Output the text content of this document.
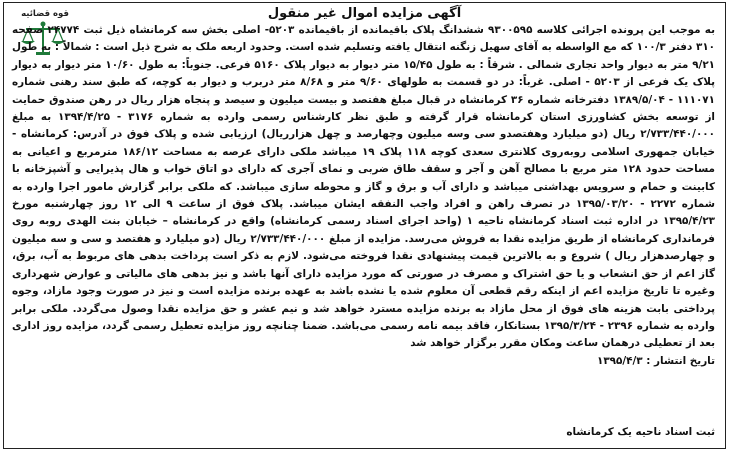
قوه قضائیه	آگهی مزایده اموال غیر منقول

به موجب این پرونده اجرائی کلاسه ۹۳۰۰۵۹۵ ششدانگ پلاک باقیمانده از باقیمانده ۵۲۰۳- اصلی بخش سه کرمانشاه ذیل ثبت ۲۴۷۷۴ صفحه ۳۱۰ دفتر ۱۰۰/۳ که مع الواسطه به آقای سهیل زنگنه انتقال یافته وتسلیم شده است. وحدود اربعه ملک به شرح ذیل است : شمالاً : به طول ۹/۲۱ متر به دیوار واحد تجاری شمالی . شرقاً : به طول ۱۵/۴۵ متر دیوار به دیوار پلاک ۵۱۶۰ فرعی. جنوباً: به طول ۱۰/۶۰ متر دیوار به دیوار پلاک یک فرعی از ۵۲۰۳ - اصلی. غرباً: در دو قسمت به طولهای ۹/۶۰ متر و ۸/۶۸ متر دربرب و دیوار به کوچه، که طبق سند رهنی شماره ۱۱۱۰۷۱ - ۱۳۸۹/۵/۰۴ دفترخانه شماره ۳۶ کرمانشاه در قبال مبلغ هفتصد و بیست میلیون و سیصد و پنجاه هزار ریال در رهن صندوق حمایت از توسعه بخش کشاورزی استان کرمانشاه قرار گرفته و طبق نظر کارشناس رسمی وارده به شماره ۳۱۷۶ - ۱۳۹۴/۴/۲۵ به مبلغ ۲/۷۳۳/۴۴۰/۰۰۰ ریال (دو میلیارد وهفتصدو سی وسه میلیون وچهارصد و چهل هزارریال) ارزیابی شده و پلاک فوق در آدرس: کرمانشاه - خیابان جمهوری اسلامی روبه‌روی کلانتری سعدی کوچه ۱۱۸ پلاک ۱۹ میباشد ملکی دارای عرصه به مساحت ۱۸۶/۱۲ مترمربع و اعیانی به مساحت حدود ۱۲۸ متر مربع با مصالح آهن و آجر و سقف طاق ضربی و نمای آجری که دارای دو اتاق خواب و هال پذیرایی و آشپزخانه با کابینت و حمام و سرویس بهداشتی میباشد و دارای آب و برق و گاز و محوطه سازی میباشد. که ملکی برابر گزارش مامور اجرا وارده به شماره ۲۲۷۲ - ۱۳۹۵/۰۳/۲۰ در تصرف راهن و افراد واجب النفقه ایشان میباشد. پلاک فوق از ساعت ۹ الی ۱۲ روز چهارشنبه مورخ ۱۳۹۵/۴/۲۳ در اداره ثبت اسناد کرمانشاه ناحیه ۱ (واحد اجرای اسناد رسمی کرمانشاه) واقع در کرمانشاه – خیابان بنت الهدی روبه روی فرمانداری کرمانشاه از طریق مزایده نقدا به فروش می‌رسد. مزایده از مبلغ ۲/۷۳۳/۴۴۰/۰۰۰ ریال (دو میلیارد و هفتصد و سی و سه میلیون و چهارصدهزار ریال ) شروع و به بالاترین قیمت پیشنهادی نقدا فروخته می‌شود. لازم به ذکر است پرداخت بدهی های مربوط به آب، برق، گاز اعم از حق انشعاب و یا حق اشتراک و مصرف در صورتی که مورد مزایده دارای آنها باشد و نیز بدهی های مالیاتی و عوارض شهرداری وغیره تا تاریخ مزایده اعم از اینکه رقم قطعی آن معلوم شده یا نشده باشد به عهده برنده مزایده است و نیز در صورت وجود مازاد، وجوه پرداختی بابت هزینه های فوق از محل مازاد به برنده مزایده مسترد خواهد شد و نیم عشر و حق مزایده نقدا وصول می‌گردد. ملکی برابر وارده به شماره ۲۳۹۶ - ۱۳۹۵/۳/۲۴ بستانکار، فاقد بیمه نامه رسمی می‌باشد. ضمنا چنانچه روز مزایده تعطیل رسمی گردد، مزایده روز اداری بعد از تعطیلی درهمان ساعت ومکان مقرر برگزار خواهد شد

تاریخ انتشار : ۱۳۹۵/۴/۳
ثبت اسناد ناحیه یک کرمانشاه
